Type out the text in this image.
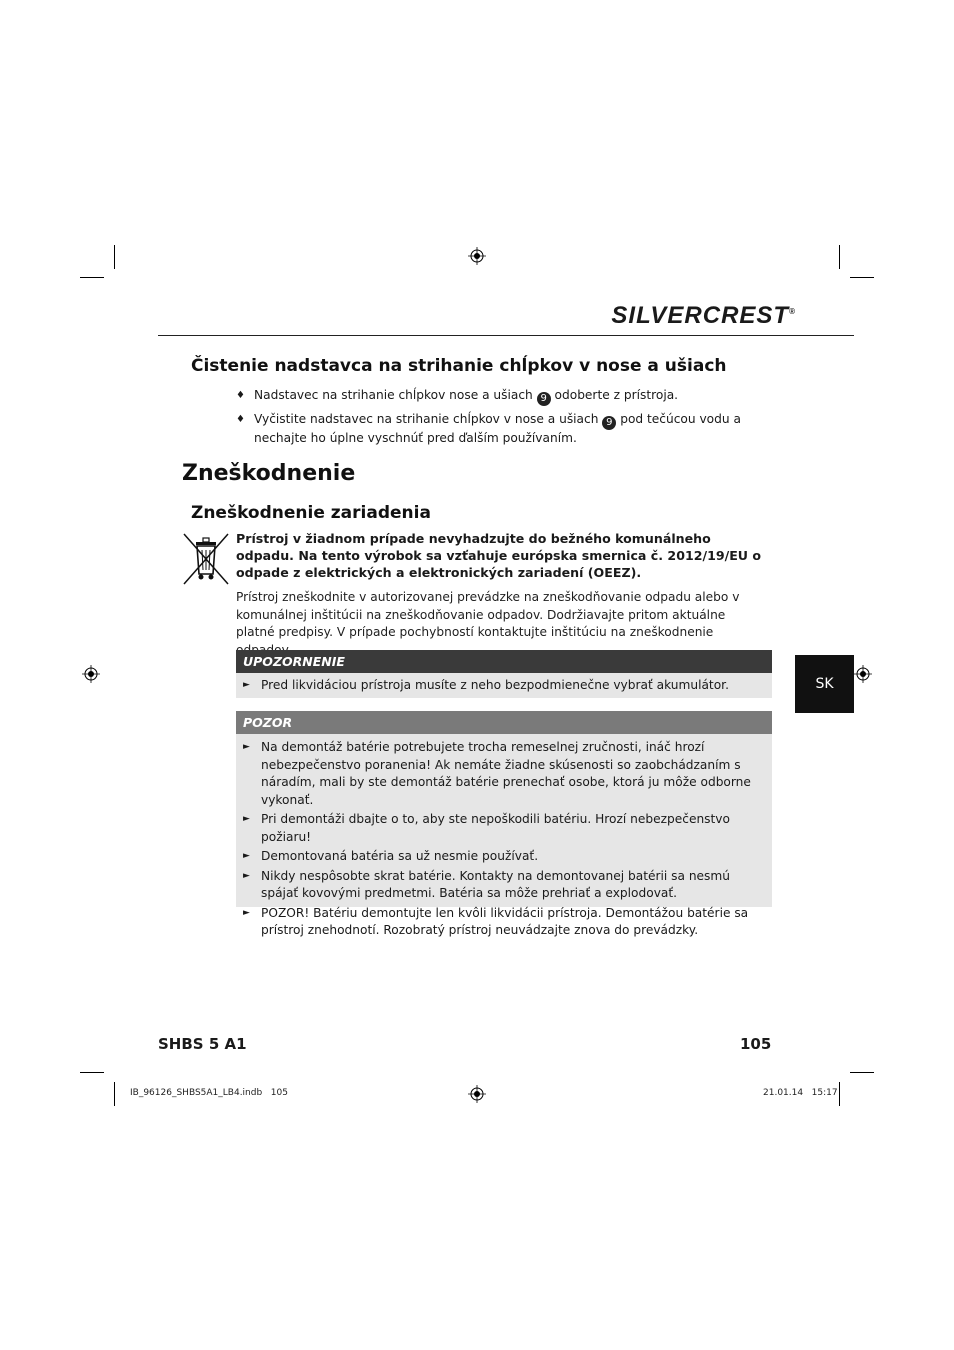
SILVERCREST®
Čistenie nadstavca na strihanie chĺpkov v nose a ušiach
♦ Nadstavec na strihanie chĺpkov nose a ušiach 9 odoberte z prístroja.
♦ Vyčistite nadstavec na strihanie chĺpkov v nose a ušiach 9 pod tečúcou vodu a nechajte ho úplne vyschnúť pred ďalším používaním.
Zneškodnenie
Zneškodnenie zariadenia
Prístroj v žiadnom prípade nevyhadzujte do bežného komunálneho odpadu. Na tento výrobok sa vzťahuje európska smernica č. 2012/19/EU o odpade z elektrických a elektronických zariadení (OEEZ).
Prístroj zneškodnite v autorizovanej prevádzke na zneškodňovanie odpadu alebo v komunálnej inštitúcii na zneškodňovanie odpadov. Dodržiavajte pritom aktuálne platné predpisy. V prípade pochybností kontaktujte inštitúciu na zneškodnenie
UPOZORNENIE
► Pred likvidáciou prístroja musíte z neho bezpodmienečne vybrať akumulátor.
POZOR
► Na demontáž batérie potrebujete trocha remeselnej zručnosti, ináč hrozí nebezpečenstvo poranenia! Ak nemáte žiadne skúsenosti so zaobchádzaním s náradím, mali by ste demontáž batérie prenechať osobe, ktorá ju môže odborne vykonať.
► Pri demontáži dbajte o to, aby ste nepoškodili batériu. Hrozí nebezpečenstvo požiaru!
► Demontovaná batéria sa už nesmie používať.
► Nikdy nespôsobte skrat batérie. Kontakty na demontovanej batérii sa nesmú spájať kovovými predmetmi. Batéria sa môže prehriať a explodovať.
► POZOR! Batériu demontujte len kvôli likvidácii prístroja. Demontážou batérie sa prístroj znehodnotí. Rozobratý prístroj neuvádzajte znova do prevádzky.
SK
SHBS 5 A1	105
IB_96126_SHBS5A1_LB4.indb   105	21.01.14   15:17
